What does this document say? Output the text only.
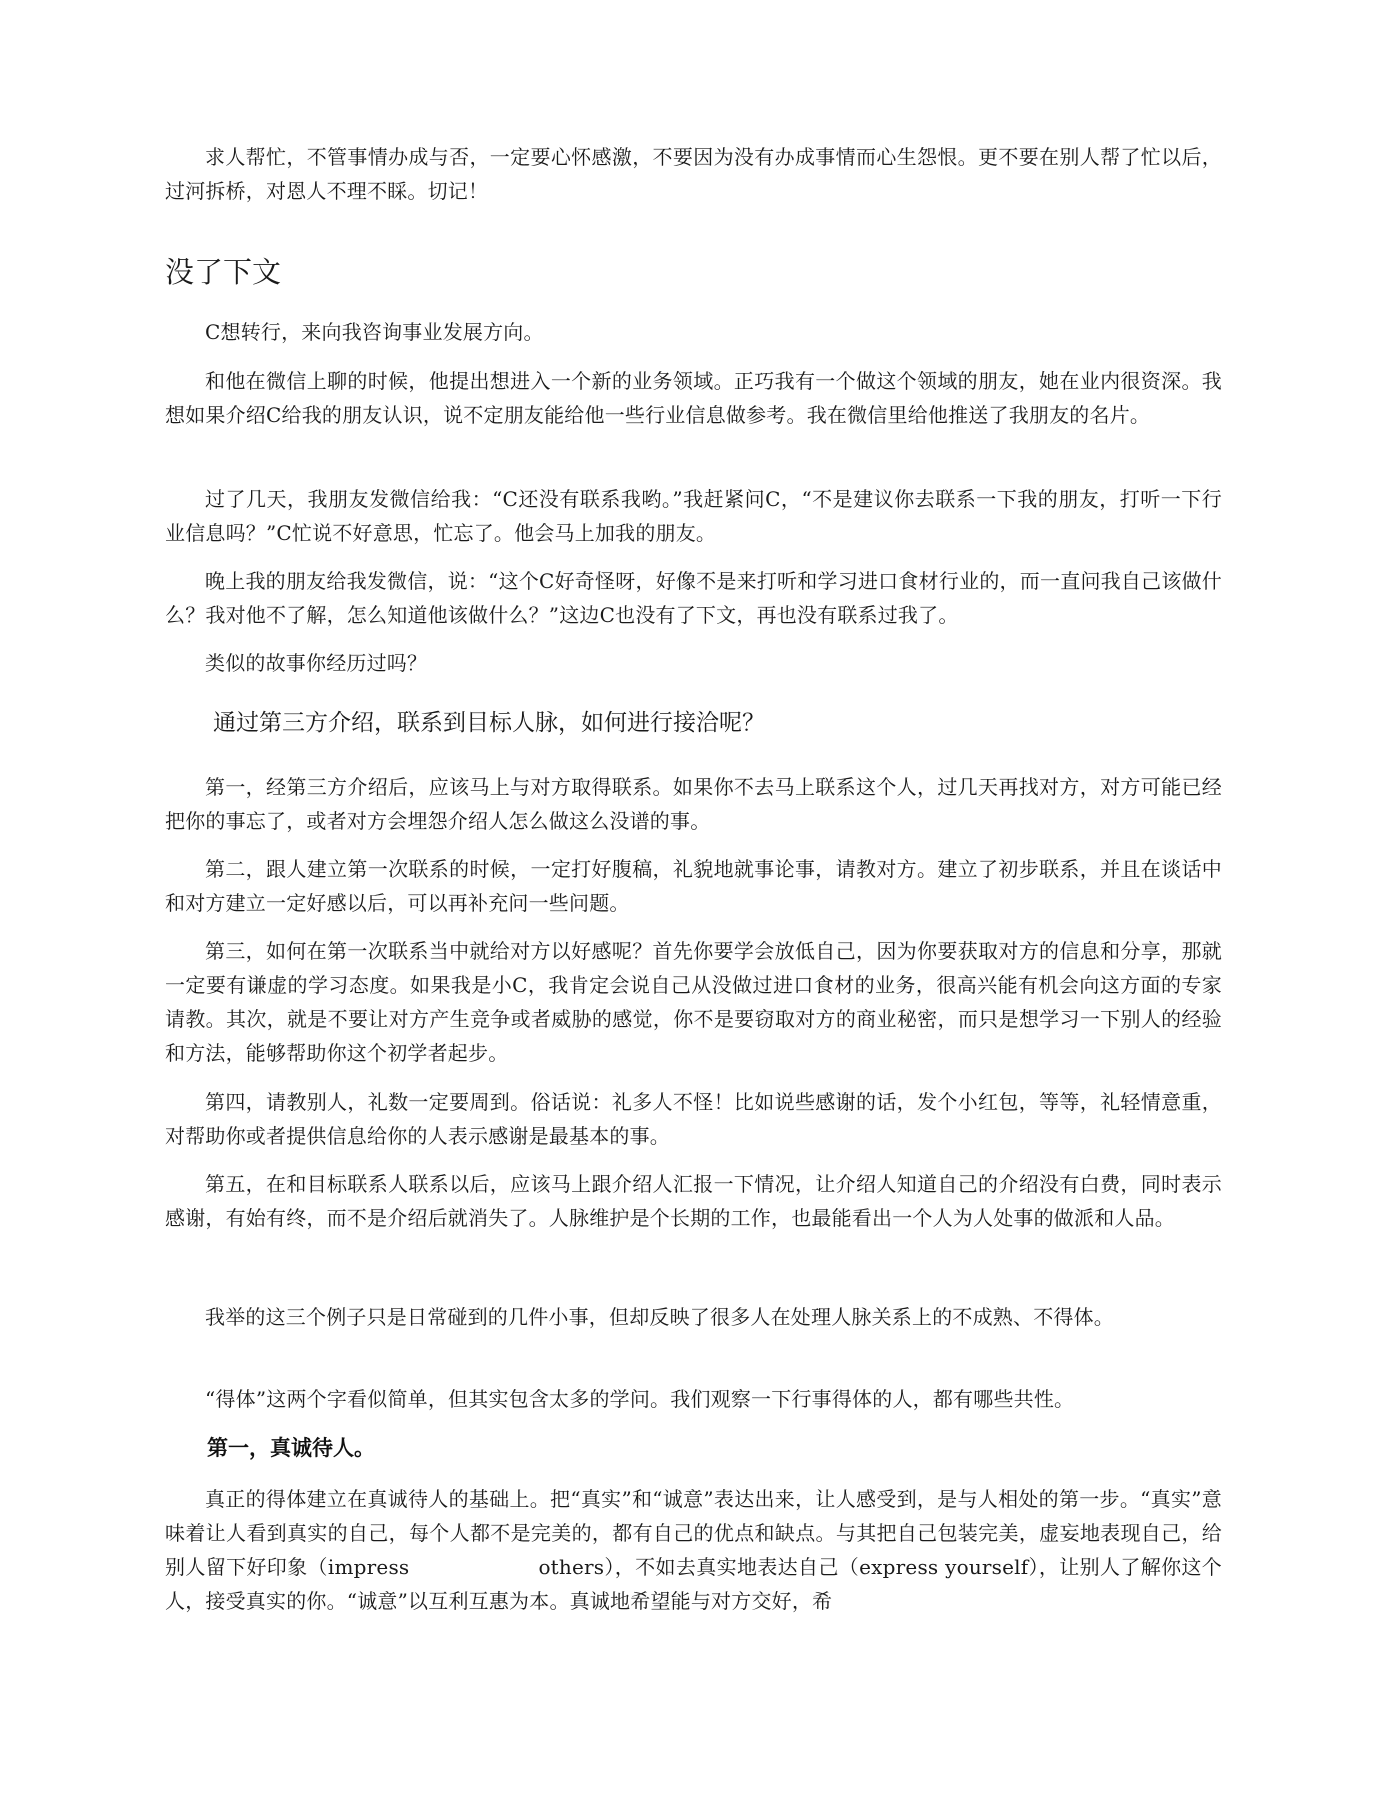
求人帮忙，不管事情办成与否，一定要心怀感激，不要因为没有办成事情而心生怨恨。更不要在别人帮了忙以后，过河拆桥，对恩人不理不睬。切记！

没了下文

C想转行，来向我咨询事业发展方向。

和他在微信上聊的时候，他提出想进入一个新的业务领域。正巧我有一个做这个领域的朋友，她在业内很资深。我想如果介绍C给我的朋友认识，说不定朋友能给他一些行业信息做参考。我在微信里给他推送了我朋友的名片。

过了几天，我朋友发微信给我：“C还没有联系我哟。”我赶紧问C，“不是建议你去联系一下我的朋友，打听一下行业信息吗？”C忙说不好意思，忙忘了。他会马上加我的朋友。

晚上我的朋友给我发微信，说：“这个C好奇怪呀，好像不是来打听和学习进口食材行业的，而一直问我自己该做什么？我对他不了解，怎么知道他该做什么？”这边C也没有了下文，再也没有联系过我了。

类似的故事你经历过吗？

通过第三方介绍，联系到目标人脉，如何进行接洽呢？

第一，经第三方介绍后，应该马上与对方取得联系。如果你不去马上联系这个人，过几天再找对方，对方可能已经把你的事忘了，或者对方会埋怨介绍人怎么做这么没谱的事。

第二，跟人建立第一次联系的时候，一定打好腹稿，礼貌地就事论事，请教对方。建立了初步联系，并且在谈话中和对方建立一定好感以后，可以再补充问一些问题。

第三，如何在第一次联系当中就给对方以好感呢？首先你要学会放低自己，因为你要获取对方的信息和分享，那就一定要有谦虚的学习态度。如果我是小C，我肯定会说自己从没做过进口食材的业务，很高兴能有机会向这方面的专家请教。其次，就是不要让对方产生竞争或者威胁的感觉，你不是要窃取对方的商业秘密，而只是想学习一下别人的经验和方法，能够帮助你这个初学者起步。

第四，请教别人，礼数一定要周到。俗话说：礼多人不怪！比如说些感谢的话，发个小红包，等等，礼轻情意重，对帮助你或者提供信息给你的人表示感谢是最基本的事。

第五，在和目标联系人联系以后，应该马上跟介绍人汇报一下情况，让介绍人知道自己的介绍没有白费，同时表示感谢，有始有终，而不是介绍后就消失了。人脉维护是个长期的工作，也最能看出一个人为人处事的做派和人品。

我举的这三个例子只是日常碰到的几件小事，但却反映了很多人在处理人脉关系上的不成熟、不得体。

“得体”这两个字看似简单，但其实包含太多的学问。我们观察一下行事得体的人，都有哪些共性。

第一，真诚待人。

真正的得体建立在真诚待人的基础上。把“真实”和“诚意”表达出来，让人感受到，是与人相处的第一步。“真实”意味着让人看到真实的自己，每个人都不是完美的，都有自己的优点和缺点。与其把自己包装完美，虚妄地表现自己，给别人留下好印象（impress　　　　　　 others），不如去真实地表达自己（express yourself），让别人了解你这个人，接受真实的你。“诚意”以互利互惠为本。真诚地希望能与对方交好，希
